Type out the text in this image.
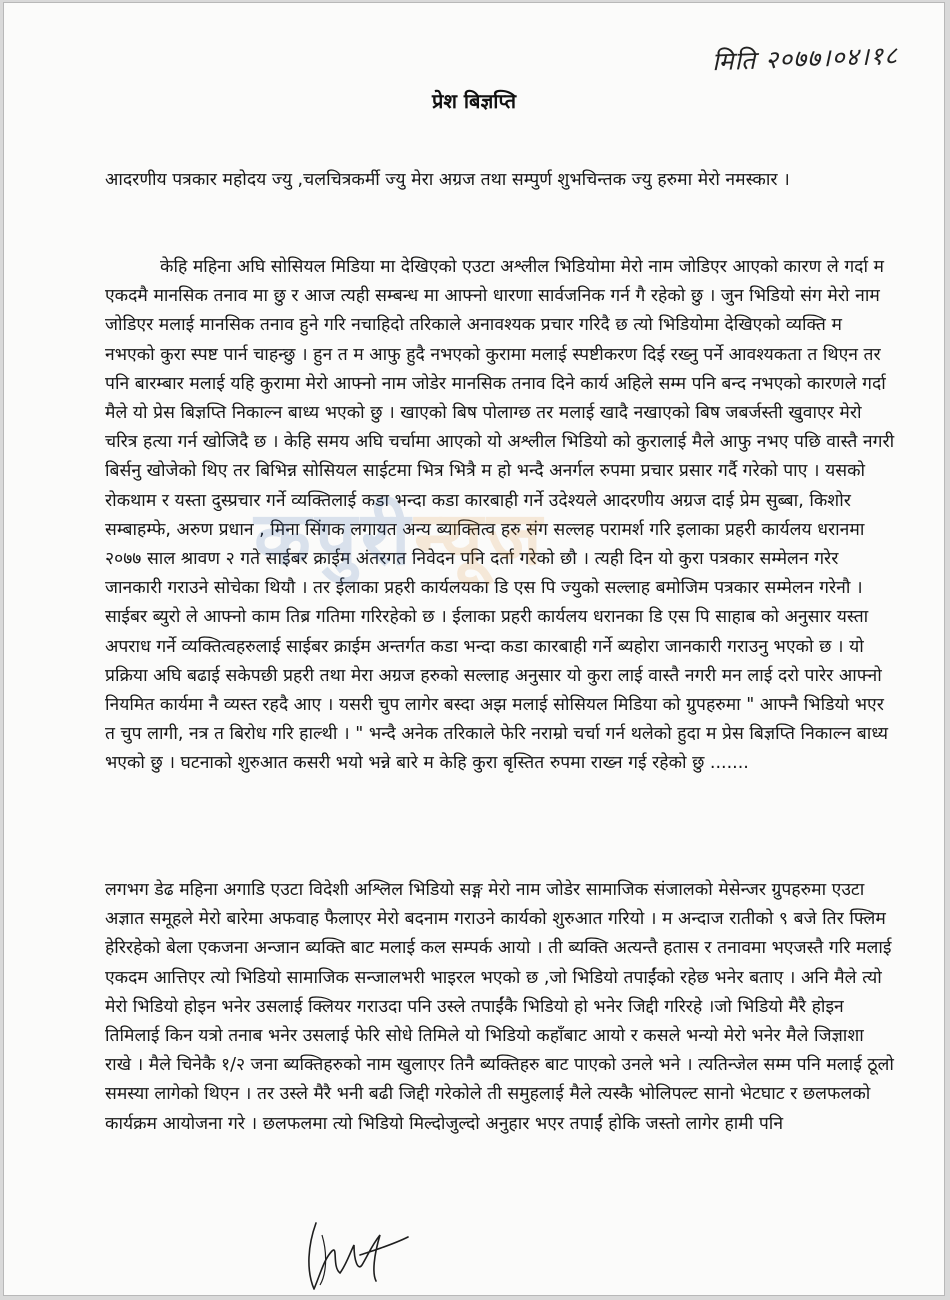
मिति २०७७।०४।१८
प्रेश बिज्ञप्ति

आदरणीय पत्रकार महोदय ज्यु ,चलचित्रकर्मी ज्यु मेरा अग्रज तथा सम्पुर्ण शुभचिन्तक ज्यु हरुमा मेरो नमस्कार ।

केहि महिना अघि सोसियल मिडिया मा देखिएको एउटा अश्लील भिडियोमा मेरो नाम जोडिएर आएको कारण ले गर्दा म एकदमै मानसिक तनाव मा छु र आज त्यही सम्बन्ध मा आफ्नो धारणा सार्वजनिक गर्न गै रहेको छु । जुन भिडियो संग मेरो नाम जोडिएर मलाई मानसिक तनाव हुने गरि नचाहिदो तरिकाले अनावश्यक प्रचार गरिदै छ त्यो भिडियोमा देखिएको व्यक्ति म नभएको कुरा स्पष्ट पार्न चाहन्छु । हुन त म आफु हुदै नभएको कुरामा मलाई स्पष्टीकरण दिई रख्नु पर्ने आवश्यकता त थिएन तर पनि बारम्बार मलाई यहि कुरामा मेरो आफ्नो नाम जोडेर मानसिक तनाव दिने कार्य अहिले सम्म पनि बन्द नभएको कारणले गर्दा मैले यो प्रेस बिज्ञप्ति निकाल्न बाध्य भएको छु । खाएको बिष पोलाग्छ तर मलाई खादै नखाएको बिष जबर्जस्ती खुवाएर मेरो चरित्र हत्या गर्न खोजिदै छ । केहि समय अघि चर्चामा आएको यो अश्लील भिडियो को कुरालाई मैले आफु नभए पछि वास्तै नगरी बिर्सनु खोजेको थिए तर बिभिन्न सोसियल साईटमा भित्र भित्रै म हो भन्दै अनर्गल रुपमा प्रचार प्रसार गर्दै गरेको पाए । यसको रोकथाम र यस्ता दुस्प्रचार गर्ने व्यक्तिलाई कडा भन्दा कडा कारबाही गर्ने उदेश्यले आदरणीय अग्रज दाई प्रेम सुब्बा, किशोर सम्बाहम्फे, अरुण प्रधान , मिना सिंगक लगायत अन्य ब्याक्तित्व हरु संग सल्लह परामर्श गरि इलाका प्रहरी कार्यलय धरानमा २०७७ साल श्रावण २ गते साईबर क्राईम अंतरगत निवेदन पनि दर्ता गरेको छौ । त्यही दिन यो कुरा पत्रकार सम्मेलन गरेर जानकारी गराउने सोचेका थियौ । तर ईलाका प्रहरी कार्यलयका डि एस पि ज्युको सल्लाह बमोजिम पत्रकार सम्मेलन गरेनौ । साईबर ब्युरो ले आफ्नो काम तिब्र गतिमा गरिरहेको छ । ईलाका प्रहरी कार्यलय धरानका डि एस पि साहाब को अनुसार यस्ता अपराध गर्ने व्यक्तित्वहरुलाई साईबर क्राईम अन्तर्गत कडा भन्दा कडा कारबाही गर्ने ब्यहोरा जानकारी गराउनु भएको छ । यो प्रक्रिया अघि बढाई सकेपछी प्रहरी तथा मेरा अग्रज हरुको सल्लाह अनुसार यो कुरा लाई वास्तै नगरी मन लाई दरो पारेर आफ्नो नियमित कार्यमा नै व्यस्त रहदै आए । यसरी चुप लागेर बस्दा अझ मलाई सोसियल मिडिया को ग्रुपहरुमा " आफ्नै भिडियो भएर त चुप लागी, नत्र त बिरोध गरि हाल्थी । " भन्दै अनेक तरिकाले फेरि नराम्रो चर्चा गर्न थलेको हुदा म प्रेस बिज्ञप्ति निकाल्न बाध्य भएको छु । घटनाको शुरुआत कसरी भयो भन्ने बारे म केहि कुरा बृस्तित रुपमा राख्न गई रहेको छु .......

कपुरीन्यूज

लगभग डेढ महिना अगाडि एउटा विदेशी अश्लिल भिडियो सङ्ग मेरो नाम जोडेर सामाजिक संजालको मेसेन्जर ग्रुपहरुमा एउटा अज्ञात समूहले मेरो बारेमा अफवाह फैलाएर मेरो बदनाम गराउने कार्यको शुरुआत गरियो । म अन्दाज रातीको ९ बजे तिर फ्लिम हेरिरहेको बेला एकजना अन्जान ब्यक्ति बाट मलाई कल सम्पर्क आयो । ती ब्यक्ति अत्यन्तै हतास र तनावमा भएजस्तै गरि मलाई एकदम आत्तिएर त्यो भिडियो सामाजिक सन्जालभरी भाइरल भएको छ ,जो भिडियो तपाईंको रहेछ भनेर बताए । अनि मैले त्यो मेरो भिडियो होइन भनेर उसलाई क्लियर गराउदा पनि उस्ले तपाईंकै भिडियो हो भनेर जिद्दी गरिरहे ।जो भिडियो मैरै होइन तिमिलाई किन यत्रो तनाब भनेर उसलाई फेरि सोधे तिमिले यो भिडियो कहाँबाट आयो र कसले भन्यो मेरो भनेर मैले जिज्ञाशा राखे । मैले चिनेकै १/२ जना ब्यक्तिहरुको नाम खुलाएर तिनै ब्यक्तिहरु बाट पाएको उनले भने । त्यतिन्जेल सम्म पनि मलाई ठूलो समस्या लागेको थिएन । तर उस्ले मैरै भनी बढी जिद्दी गरेकोले ती समुहलाई मैले त्यस्कै भोलिपल्ट सानो भेटघाट र छलफलको कार्यक्रम आयोजना गरे । छलफलमा त्यो भिडियो मिल्दोजुल्दो अनुहार भएर तपाईं होकि जस्तो लागेर हामी पनि
